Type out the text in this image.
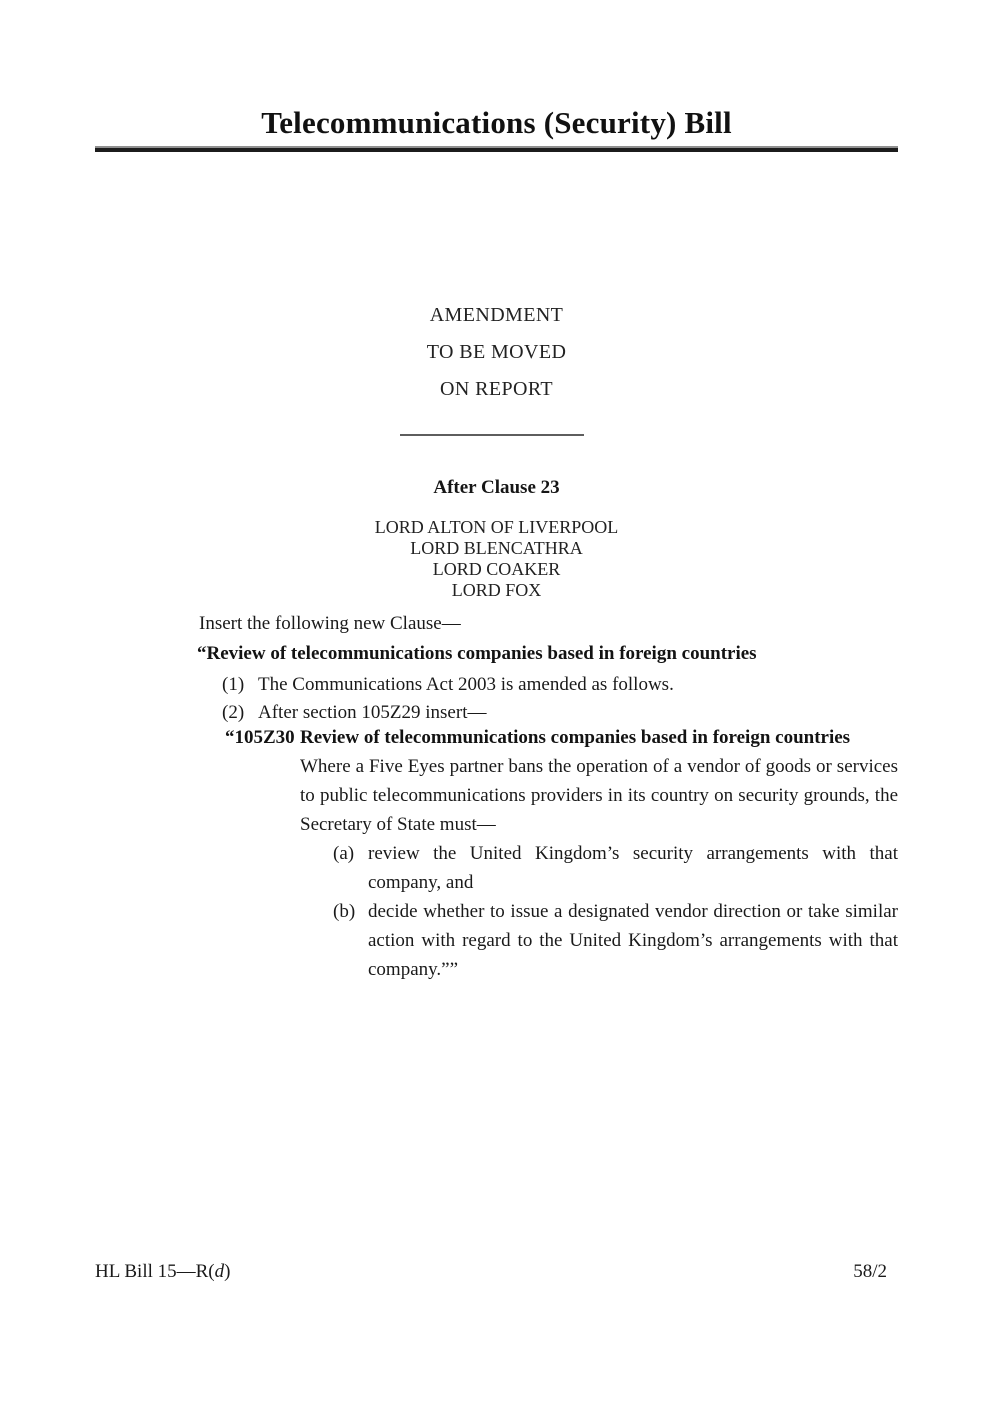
Telecommunications (Security) Bill
AMENDMENT
TO BE MOVED
ON REPORT
After Clause 23
LORD ALTON OF LIVERPOOL
LORD BLENCATHRA
LORD COAKER
LORD FOX
Insert the following new Clause—
“Review of telecommunications companies based in foreign countries
(1) The Communications Act 2003 is amended as follows.
(2) After section 105Z29 insert—
“105Z30 Review of telecommunications companies based in foreign countries
Where a Five Eyes partner bans the operation of a vendor of goods or services to public telecommunications providers in its country on security grounds, the Secretary of State must—
(a) review the United Kingdom’s security arrangements with that company, and
(b) decide whether to issue a designated vendor direction or take similar action with regard to the United Kingdom’s arrangements with that company.””
HL Bill 15—R(d)	58/2
